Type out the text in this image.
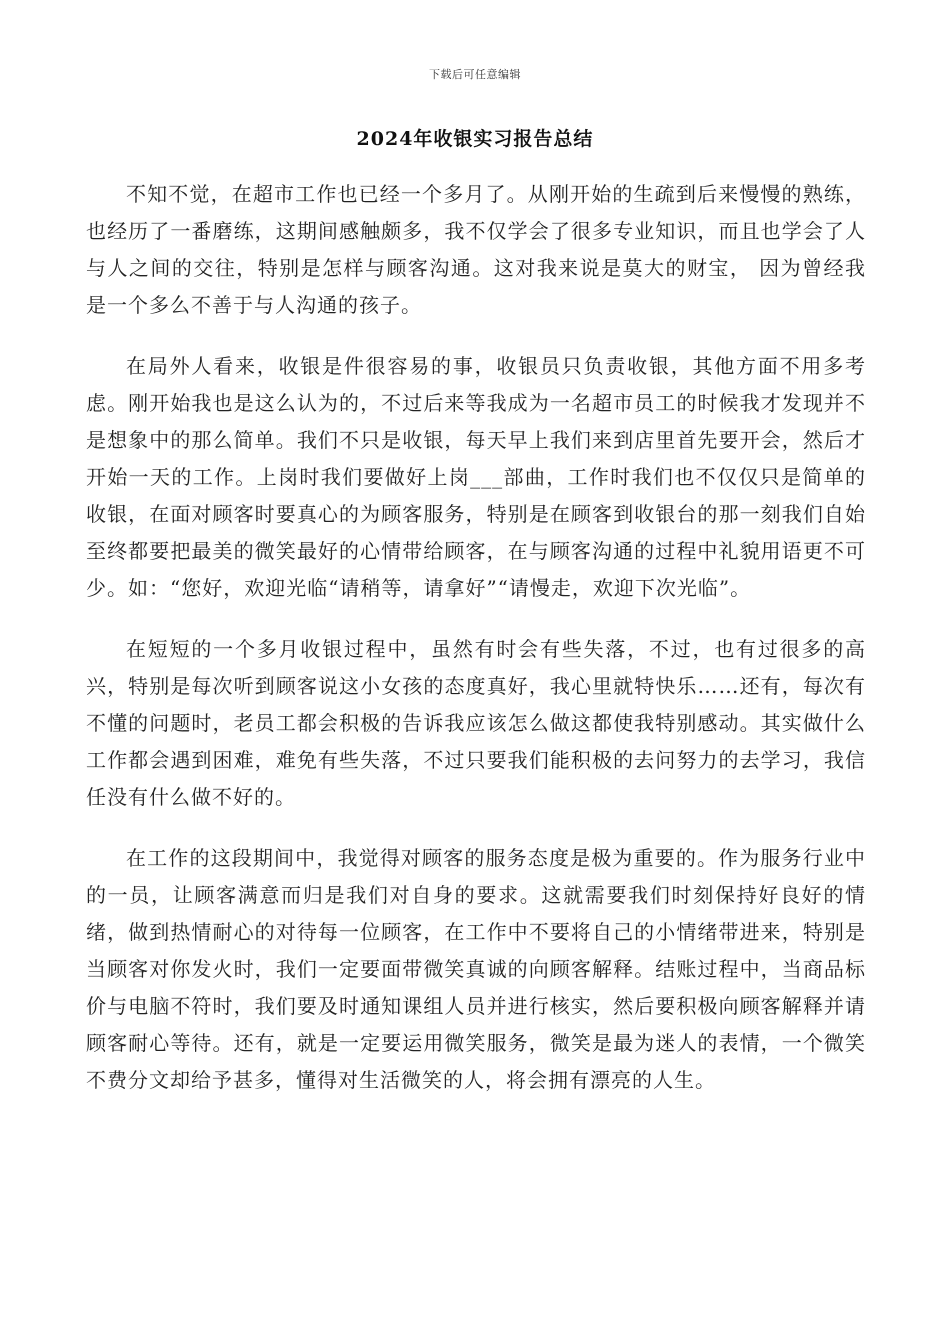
下载后可任意编辑
2024年收银实习报告总结

不知不觉，在超市工作也已经一个多月了。从刚开始的生疏到后来慢慢的熟练，也经历了一番磨练，这期间感触颇多，我不仅学会了很多专业知识，而且也学会了人与人之间的交往，特别是怎样与顾客沟通。这对我来说是莫大的财宝， 因为曾经我是一个多么不善于与人沟通的孩子。

在局外人看来，收银是件很容易的事，收银员只负责收银，其他方面不用多考虑。刚开始我也是这么认为的，不过后来等我成为一名超市员工的时候我才发现并不是想象中的那么简单。我们不只是收银，每天早上我们来到店里首先要开会，然后才开始一天的工作。上岗时我们要做好上岗___部曲，工作时我们也不仅仅只是简单的收银，在面对顾客时要真心的为顾客服务，特别是在顾客到收银台的那一刻我们自始至终都要把最美的微笑最好的心情带给顾客，在与顾客沟通的过程中礼貌用语更不可少。如：“您好，欢迎光临“请稍等，请拿好”“请慢走，欢迎下次光临”。

在短短的一个多月收银过程中，虽然有时会有些失落，不过，也有过很多的高兴，特别是每次听到顾客说这小女孩的态度真好，我心里就特快乐……还有，每次有不懂的问题时，老员工都会积极的告诉我应该怎么做这都使我特别感动。其实做什么工作都会遇到困难，难免有些失落，不过只要我们能积极的去问努力的去学习，我信任没有什么做不好的。

在工作的这段期间中，我觉得对顾客的服务态度是极为重要的。作为服务行业中的一员，让顾客满意而归是我们对自身的要求。这就需要我们时刻保持好良好的情绪，做到热情耐心的对待每一位顾客，在工作中不要将自己的小情绪带进来，特别是当顾客对你发火时，我们一定要面带微笑真诚的向顾客解释。结账过程中，当商品标价与电脑不符时，我们要及时通知课组人员并进行核实，然后要积极向顾客解释并请顾客耐心等待。还有，就是一定要运用微笑服务，微笑是最为迷人的表情，一个微笑不费分文却给予甚多，懂得对生活微笑的人，将会拥有漂亮的人生。
